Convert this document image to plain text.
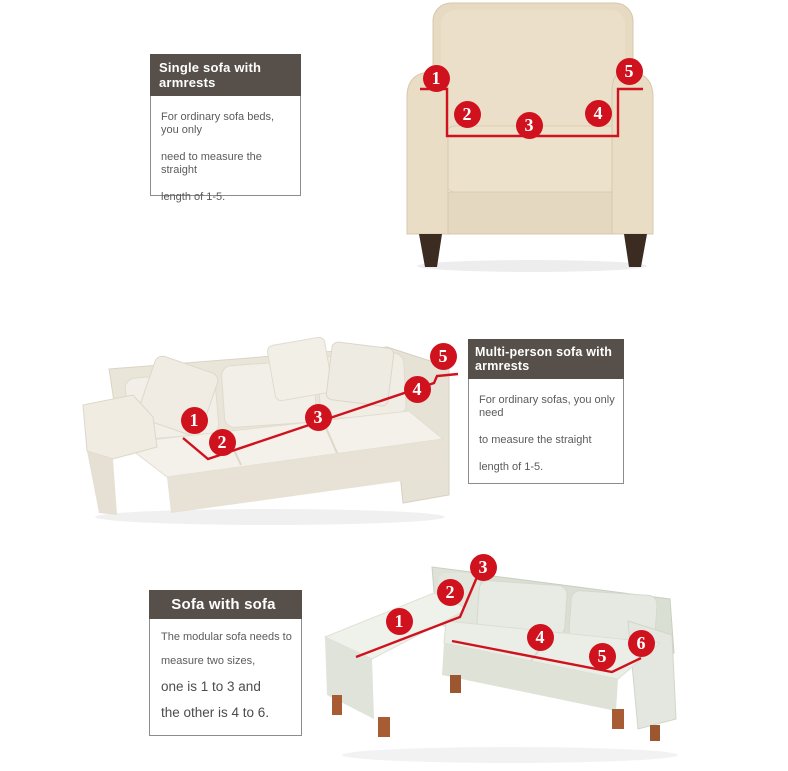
1
2
3
4
5
1
2
3
4
5
1
2
3
4
5
6
Single sofa with armrests

For ordinary sofa beds, you only

need to measure the straight

length of 1-5.

Multi-person sofa with armrests

For ordinary sofas, you only need

to measure the straight

length of 1-5.

Sofa with sofa

The modular sofa needs to

measure two sizes,

one is 1 to 3 and

the other is 4 to 6.
